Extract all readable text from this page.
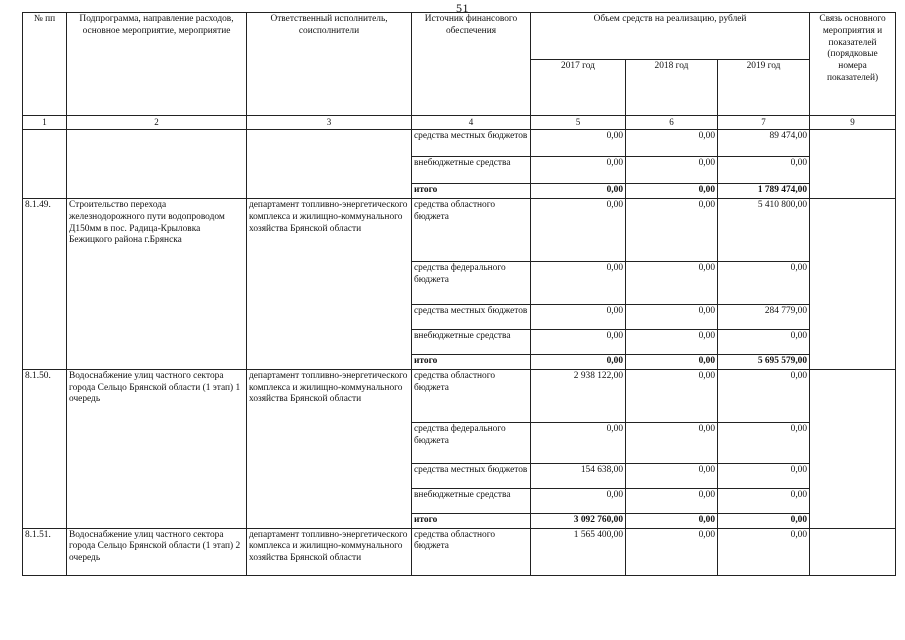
51
№ пп	Подпрограмма, направление расходов, основное мероприятие, мероприятие	Ответственный исполнитель, соисполнители	Источник финансового обеспечения	Объем средств на реализацию, рублей			Связь основного мероприятия и показателей (порядковые номера показателей)
				2017 год	2018 год	2019 год	
1	2	3	4	5	6	7	9
			средства местных бюджетов	0,00	0,00	89 474,00	
			внебюджетные средства	0,00	0,00	0,00	
			итого	0,00	0,00	1 789 474,00	
8.1.49.	Строительство перехода железнодорожного пути водопроводом Д150мм в пос. Радица-Крыловка Бежицкого района г.Брянска	департамент топливно-энергетического комплекса и жилищно-коммунального хозяйства Брянской области	средства областного бюджета	0,00	0,00	5 410 800,00	
			средства федерального бюджета	0,00	0,00	0,00	
			средства местных бюджетов	0,00	0,00	284 779,00	
			внебюджетные средства	0,00	0,00	0,00	
			итого	0,00	0,00	5 695 579,00	
8.1.50.	Водоснабжение улиц частного сектора города Сельцо Брянской области (1 этап) 1 очередь	департамент топливно-энергетического комплекса и жилищно-коммунального хозяйства Брянской области	средства областного бюджета	2 938 122,00	0,00	0,00	
			средства федерального бюджета	0,00	0,00	0,00	
			средства местных бюджетов	154 638,00	0,00	0,00	
			внебюджетные средства	0,00	0,00	0,00	
			итого	3 092 760,00	0,00	0,00	
8.1.51.	Водоснабжение улиц частного сектора города Сельцо Брянской области (1 этап) 2 очередь	департамент топливно-энергетического комплекса и жилищно-коммунального хозяйства Брянской области	средства областного бюджета	1 565 400,00	0,00	0,00	
